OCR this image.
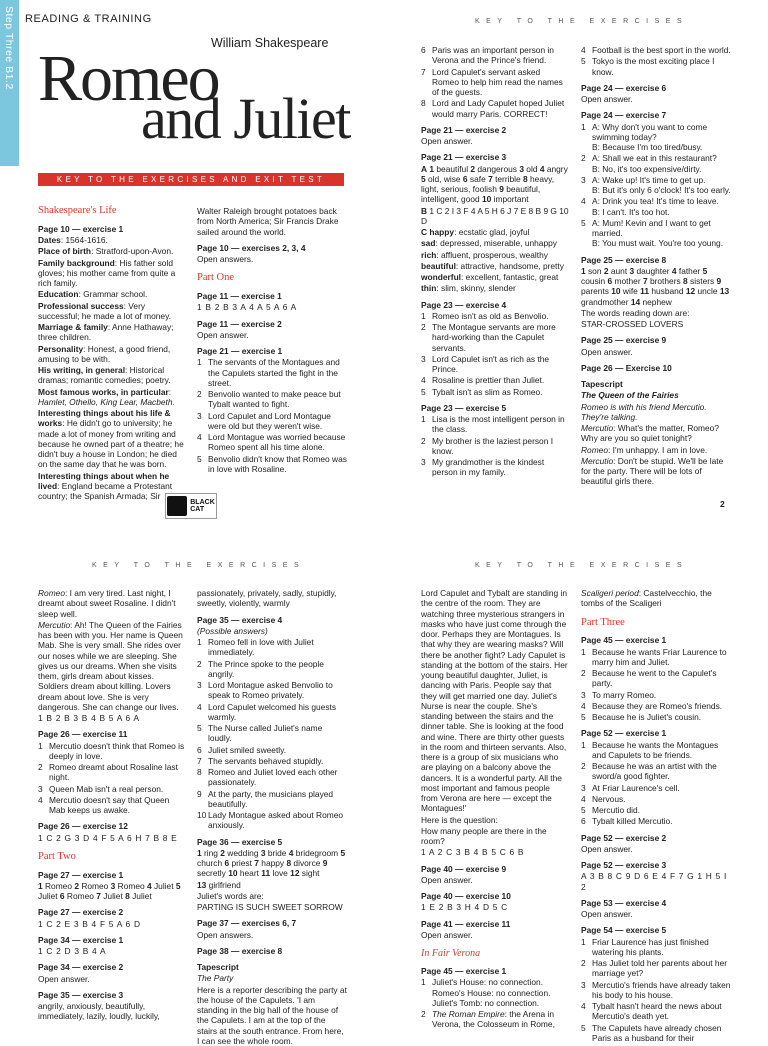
Step Three B1.2 READING & TRAINING
William Shakespeare
Romeo
and Juliet
KEY TO THE EXERCISES AND EXIT TEST
KEY TO THE EXERCISES
Shakespeare's Life
Page 10 — exercise 1

Dates: 1564-1616.

Place of birth: Stratford-upon-Avon.

Family background: His father sold gloves; his mother came from quite a rich family.

Education: Grammar school.

Professional success: Very successful; he made a lot of money.

Marriage & family: Anne Hathaway; three children.

Personality: Honest, a good friend, amusing to be with.

His writing, in general: Historical dramas; romantic comedies; poetry.

Most famous works, in particular: Hamlet, Othello, King Lear, Macbeth.

Interesting things about his life & works: He didn't go to university; he made a lot of money from writing and because he owned part of a theatre; he didn't buy a house in London; he died on the same day that he was born.

Interesting things about when he lived: England became a Protestant country; the Spanish Armada; Sir

Walter Raleigh brought potatoes back from North America; Sir Francis Drake sailed around the world.

Page 10 — exercises 2, 3, 4

Open answers.

Part One
Page 11 — exercise 1

1 B 2 B 3 A 4 A 5 A 6 A

Page 11 — exercise 2

Open answer.

Page 21 — exercise 1
1 The servants of the Montagues and the Capulets started the fight in the street.
2 Benvolio wanted to make peace but Tybalt wanted to fight.
3 Lord Capulet and Lord Montague were old but they weren't wise.
4 Lord Montague was worried because Romeo spent all his time alone.
5 Benvolio didn't know that Romeo was in love with Rosaline.
6 Paris was an important person in Verona and the Prince's friend.
7 Lord Capulet's servant asked Romeo to help him read the names of the guests.
8 Lord and Lady Capulet hoped Juliet would marry Paris. CORRECT!
Page 21 — exercise 2

Open answer.

Page 21 — exercise 3

A 1 beautiful 2 dangerous 3 old 4 angry 5 old, wise 6 safe 7 terrible 8 heavy, light, serious, foolish 9 beautiful, intelligent, good 10 important

B 1 C 2 I 3 F 4 A 5 H 6 J 7 E 8 B 9 G 10 D

C happy: ecstatic glad, joyful

sad: depressed, miserable, unhappy

rich: affluent, prosperous, wealthy

beautiful: attractive, handsome, pretty

wonderful: excellent, fantastic, great

thin: slim, skinny, slender

Page 23 — exercise 4
1 Romeo isn't as old as Benvolio.
2 The Montague servants are more hard-working than the Capulet servants.
3 Lord Capulet isn't as rich as the Prince.
4 Rosaline is prettier than Juliet.
5 Tybalt isn't as slim as Romeo.
Page 23 — exercise 5
1 Lisa is the most intelligent person in the class.
2 My brother is the laziest person I know.
3 My grandmother is the kindest person in my family.
4 Football is the best sport in the world.
5 Tokyo is the most exciting place I know.
Page 24 — exercise 6

Open answer.

Page 24 — exercise 7
1 A: Why don't you want to come swimming today?
B: Because I'm too tired/busy.
2 A: Shall we eat in this restaurant?
B: No, it's too expensive/dirty.
3 A: Wake up! It's time to get up.
B: But it's only 6 o'clock! It's too early.
4 A: Drink you tea! It's time to leave.
B: I can't. It's too hot.
5 A: Mum! Kevin and I want to get married.
B: You must wait. You're too young.
Page 25 — exercise 8

1 son 2 aunt 3 daughter 4 father 5 cousin 6 mother 7 brothers 8 sisters 9 parents 10 wife 11 husband 12 uncle 13 grandmother 14 nephew

The words reading down are:

STAR-CROSSED LOVERS

Page 25 — exercise 9

Open answer.

Page 26 — Exercise 10
Tapescript

The Queen of the Fairies

Romeo is with his friend Mercutio. They're talking.

Mercutio: What's the matter, Romeo? Why are you so quiet tonight?

Romeo: I'm unhappy. I am in love.

Mercutio: Don't be stupid. We'll be late for the party. There will be lots of beautiful girls there.

BLACK
CAT
2
KEY TO THE EXERCISES	KEY TO THE EXERCISES

Romeo: I am very tired. Last night, I dreamt about sweet Rosaline. I didn't sleep well.

Mercutio: Ah! The Queen of the Fairies has been with you. Her name is Queen Mab. She is very small. She rides over our noses while we are sleeping. She gives us our dreams. When she visits them, girls dream about kisses. Soldiers dream about killing. Lovers dream about love. She is very dangerous. She can change our lives.

1 B 2 B 3 B 4 B 5 A 6 A

Page 26 — exercise 11
1 Mercutio doesn't think that Romeo is deeply in love.
2 Romeo dreamt about Rosaline last night.
3 Queen Mab isn't a real person.
4 Mercutio doesn't say that Queen Mab keeps us awake.
Page 26 — exercise 12

1 C 2 G 3 D 4 F 5 A 6 H 7 B 8 E

Part Two
Page 27 — exercise 1

1 Romeo 2 Romeo 3 Romeo 4 Juliet 5 Juliet 6 Romeo 7 Juliet 8 Juliet

Page 27 — exercise 2

1 C 2 E 3 B 4 F 5 A 6 D

Page 34 — exercise 1

1 C 2 D 3 B 4 A

Page 34 — exercise 2

Open answer.

Page 35 — exercise 3

angrily, anxiously, beautifully, immediately, lazily, loudly, luckily,

passionately, privately, sadly, stupidly, sweetly, violently, warmly

Page 35 — exercise 4

(Possible answers)

1 Romeo fell in love with Juliet immediately.
2 The Prince spoke to the people angrily.
3 Lord Montague asked Benvolio to speak to Romeo privately.
4 Lord Capulet welcomed his guests warmly.
5 The Nurse called Juliet's name loudly.
6 Juliet smiled sweetly.
7 The servants behaved stupidly.
8 Romeo and Juliet loved each other passionately.
9 At the party, the musicians played beautifully.
10 Lady Montague asked about Romeo anxiously.
Page 36 — exercise 5

1 ring 2 wedding 3 bride 4 bridegroom 5 church 6 priest 7 happy 8 divorce 9 secretly 10 heart 11 love 12 sight

13 girlfriend

Juliet's words are:

PARTING IS SUCH SWEET SORROW

Page 37 — exercises 6, 7

Open answers.

Page 38 — exercise 8
Tapescript

The Party

Here is a reporter describing the party at the house of the Capulets. 'I am standing in the big hall of the house of the Capulets. I am at the top of the stairs at the south entrance. From here, I can see the whole room.

Lord Capulet and Tybalt are standing in the centre of the room. They are watching three mysterious strangers in masks who have just come through the door. Perhaps they are Montagues. Is that why they are wearing masks? Will there be another fight? Lady Capulet is standing at the bottom of the stairs. Her young beautiful daughter, Juliet, is dancing with Paris. People say that they will get married one day. Juliet's Nurse is near the couple. She's standing between the stairs and the dinner table. She is looking at the food and wine. There are thirty other guests in the room and thirteen servants. Also, there is a group of six musicians who are playing on a balcony above the dancers. It is a wonderful party. All the most important and famous people from Verona are here — except the Montagues!'

Here is the question:

How many people are there in the room?

1 A 2 C 3 B 4 B 5 C 6 B

Page 40 — exercise 9

Open answer.

Page 40 — exercise 10

1 E 2 B 3 H 4 D 5 C

Page 41 — exercise 11

Open answer.

In Fair Verona
Page 45 — exercise 1
1 Juliet's House: no connection.
Romeo's House: no connection.
Juliet's Tomb: no connection.
2 The Roman Empire: the Arena in Verona, the Colosseum in Rome,

Scaligeri period: Castelvecchio, the tombs of the Scaligeri

Part Three
Page 45 — exercise 1
1 Because he wants Friar Laurence to marry him and Juliet.
2 Because he went to the Capulet's party.
3 To marry Romeo.
4 Because they are Romeo's friends.
5 Because he is Juliet's cousin.
Page 52 — exercise 1
1 Because he wants the Montagues and Capulets to be friends.
2 Because he was an artist with the sword/a good fighter.
3 At Friar Laurence's cell.
4 Nervous.
5 Mercutio did.
6 Tybalt killed Mercutio.
Page 52 — exercise 2

Open answer.

Page 52 — exercise 3

A 3 B 8 C 9 D 6 E 4 F 7 G 1 H 5 I 2

Page 53 — exercise 4

Open answer.

Page 54 — exercise 5
1 Friar Laurence has just finished watering his plants.
2 Has Juliet told her parents about her marriage yet?
3 Mercutio's friends have already taken his body to his house.
4 Tybalt hasn't heard the news about Mercutio's death yet.
5 The Capulets have already chosen Paris as a husband for their
